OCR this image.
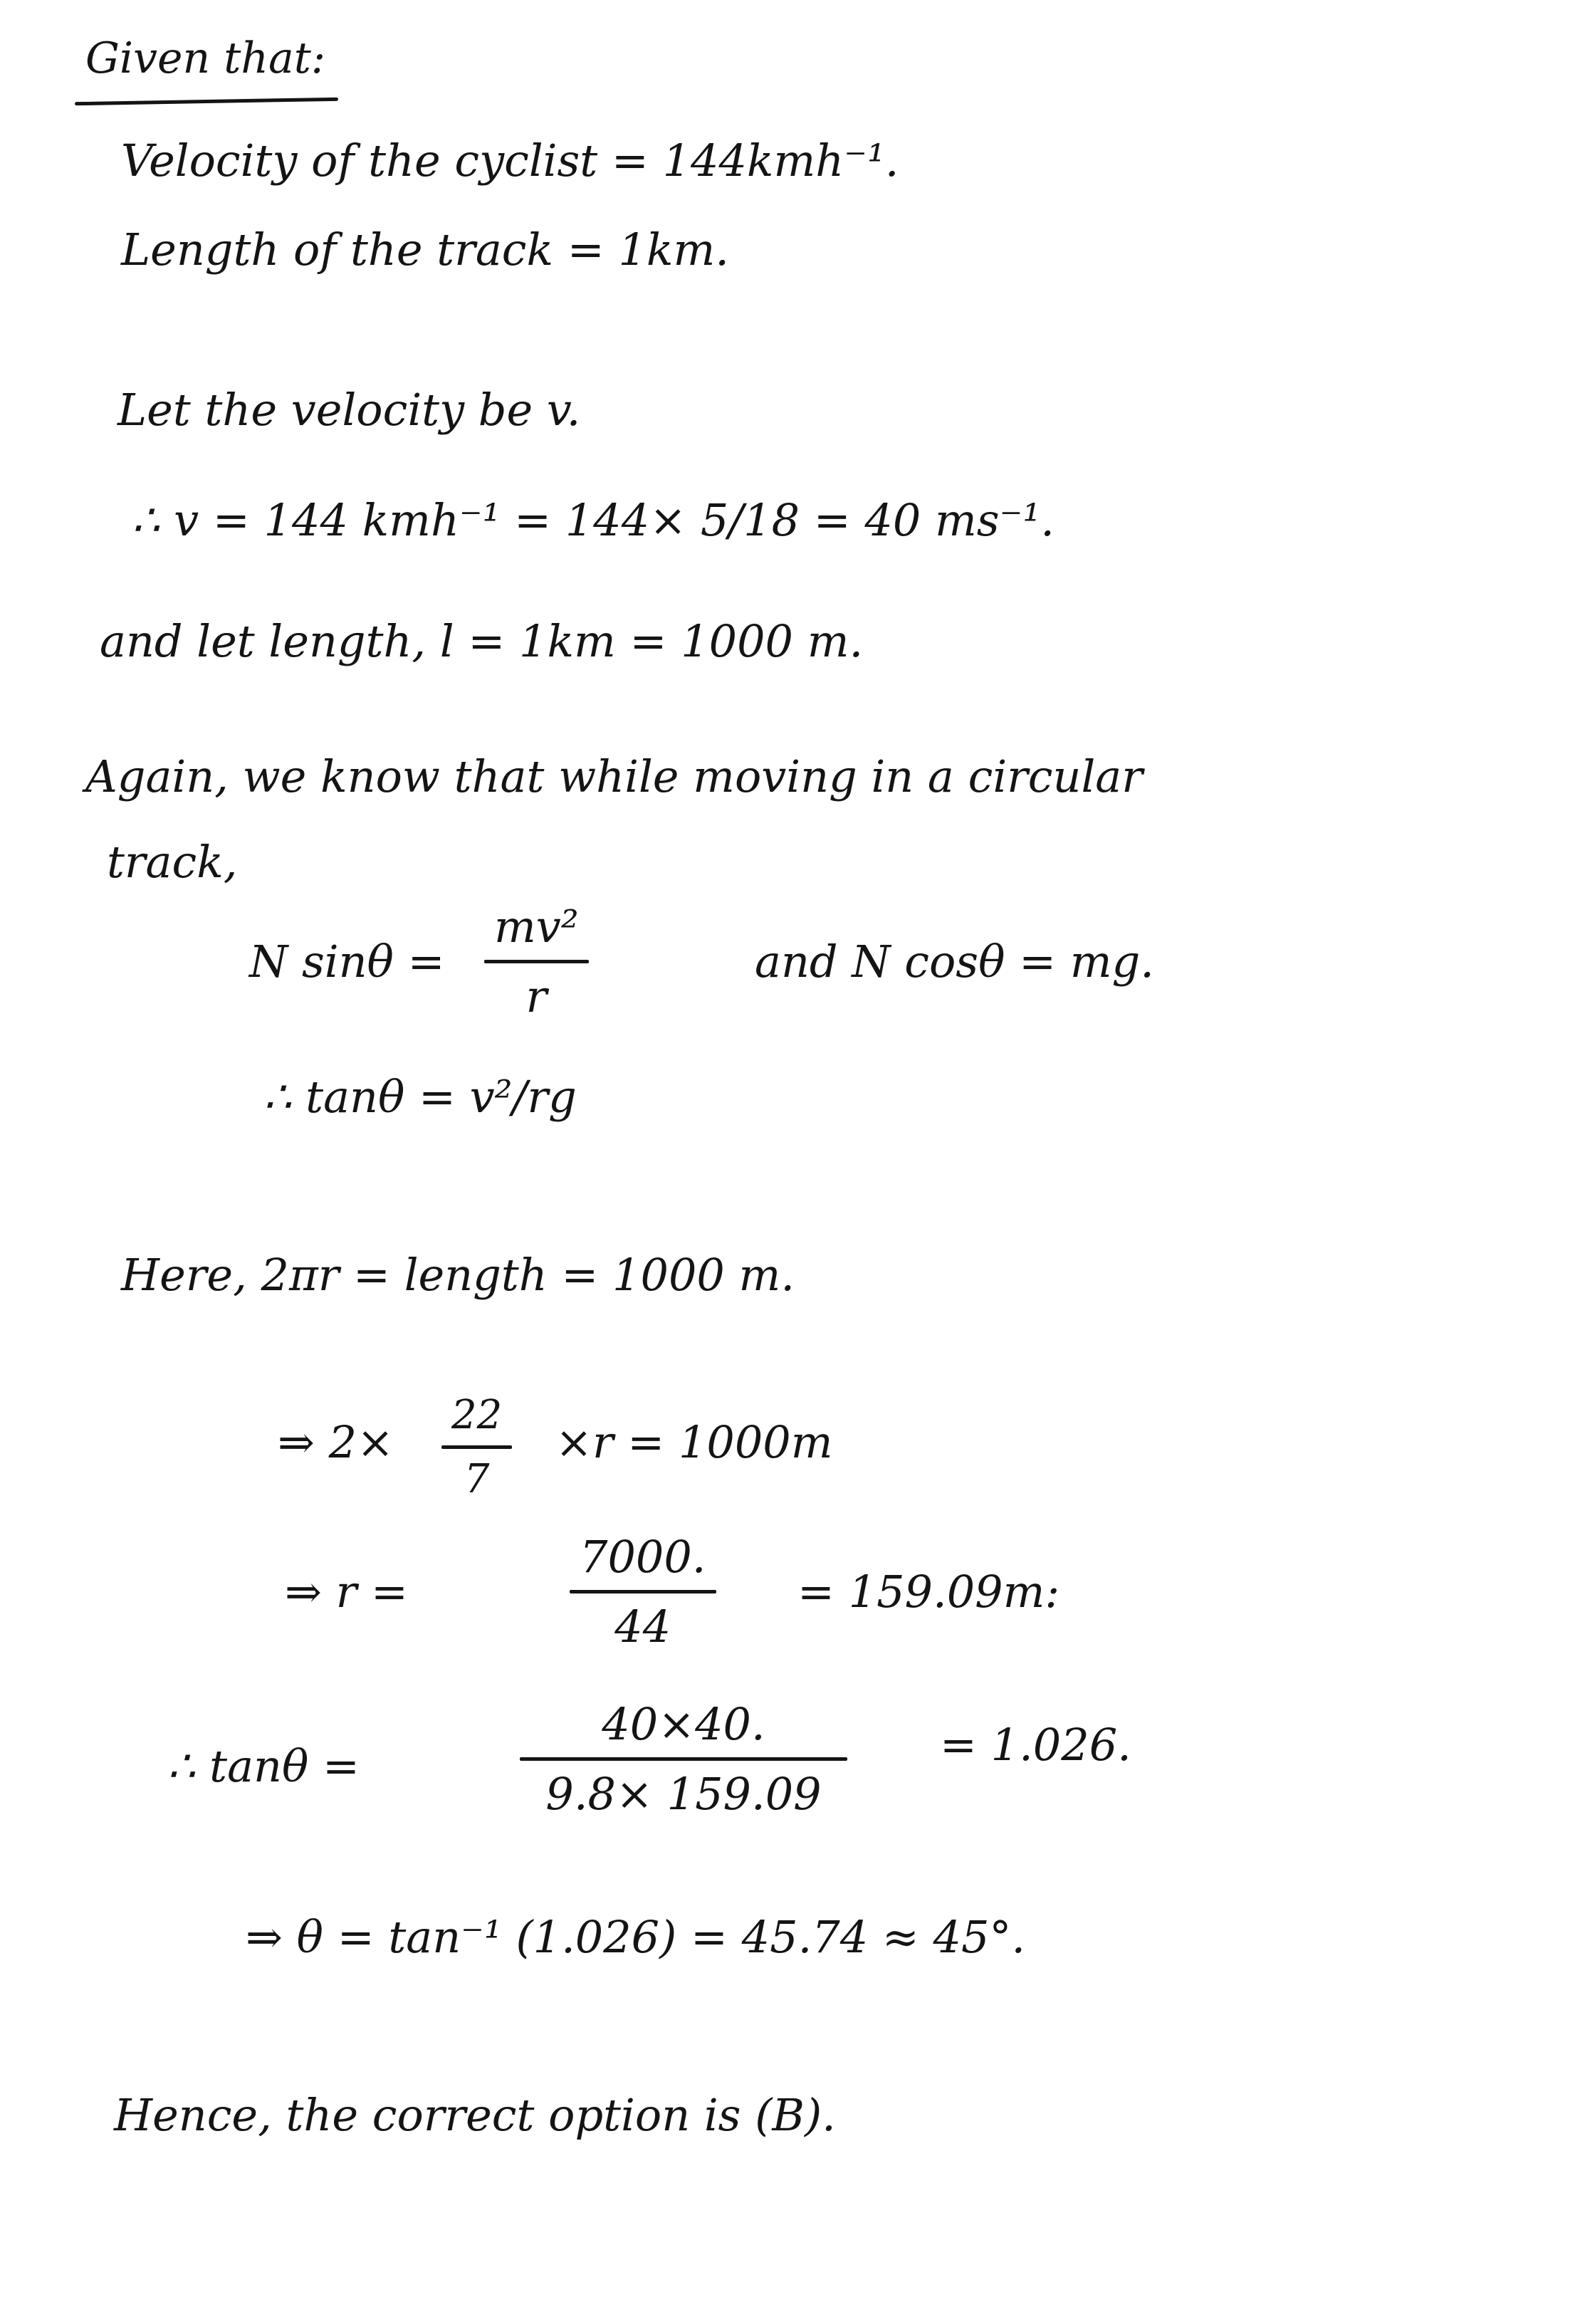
Given that:
Velocity of the cyclist = 144kmh⁻¹.
Length of the track = 1km.
Let the velocity be v.
∴ v = 144 kmh⁻¹ = 144× 5/18 = 40 ms⁻¹.
and let length, l = 1km = 1000 m.
Again, we know that while moving in a circular
track,
N sinθ =
mv²
r
and N cosθ = mg.
∴ tanθ = v²/rg
Here, 2πr = length = 1000 m.
⇒ 2×
22
7
×r = 1000m
⇒ r =
7000.
44
= 159.09m:
∴ tanθ =
40×40.
9.8× 159.09
= 1.026.
⇒ θ = tan⁻¹ (1.026) = 45.74 ≈ 45°.
Hence, the correct option is (B).
